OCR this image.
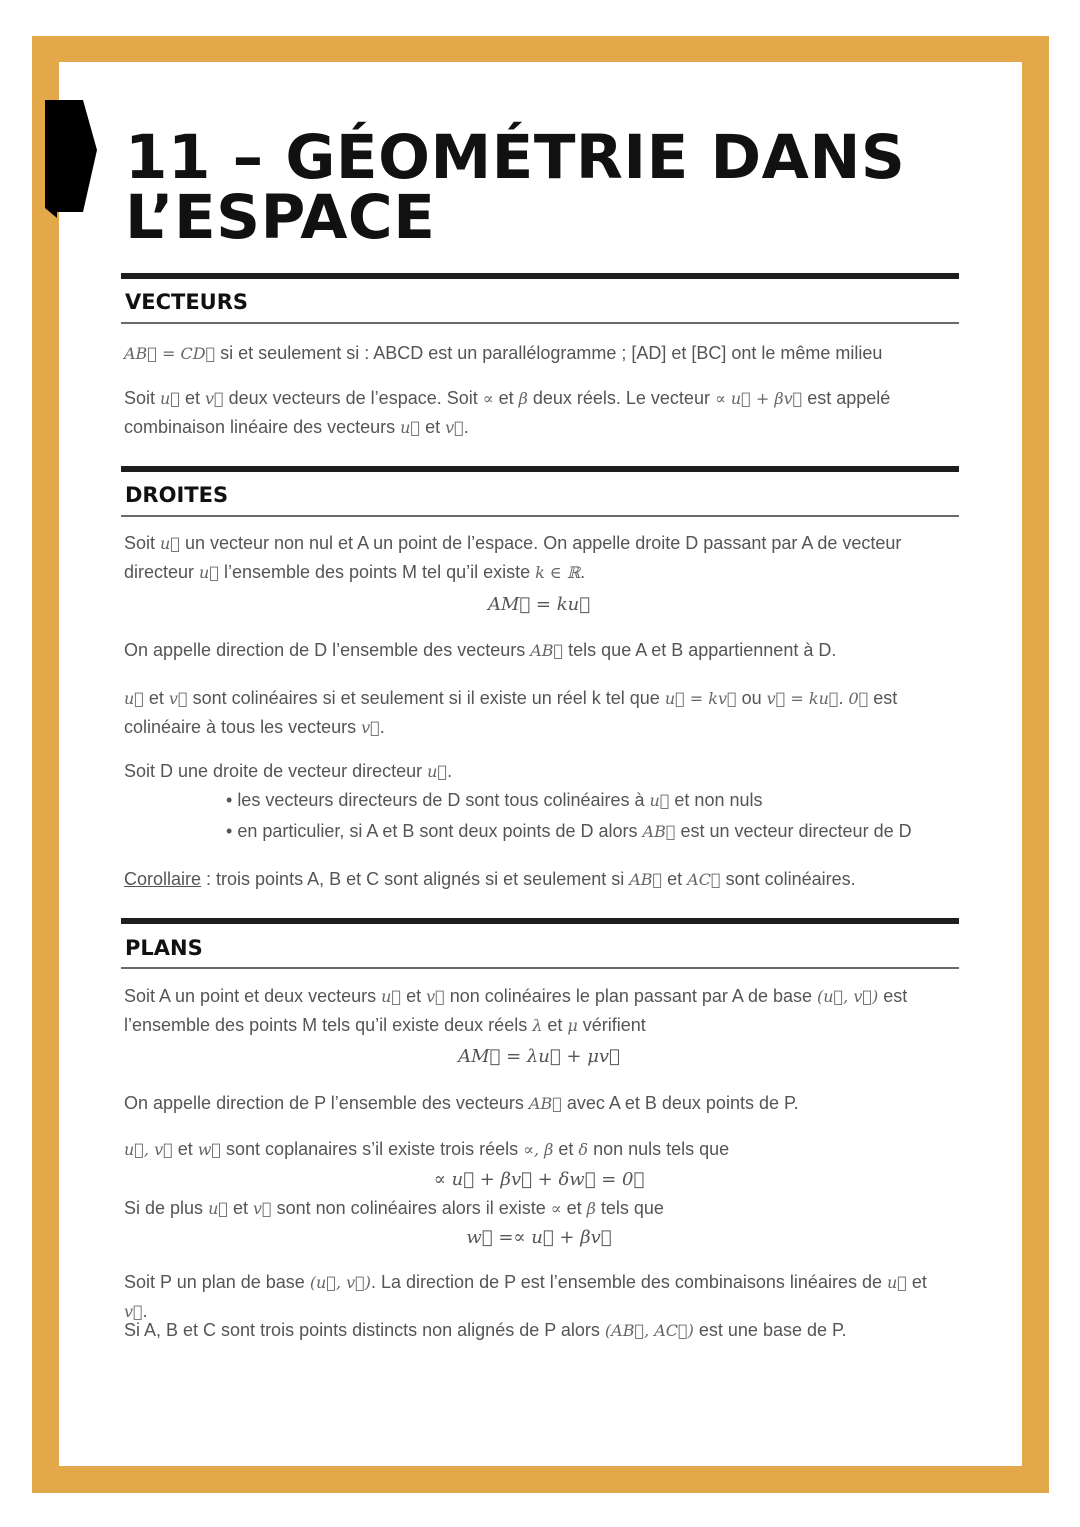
11 – GÉOMÉTRIE DANS
L’ESPACE
VECTEURS

AB⃗ = CD⃗ si et seulement si : ABCD est un parallélogramme ; [AD] et [BC] ont le même milieu

Soit u⃗ et v⃗ deux vecteurs de l’espace. Soit ∝ et β deux réels. Le vecteur ∝ u⃗ + βv⃗ est appelé combinaison linéaire des vecteurs u⃗ et v⃗.

DROITES

Soit u⃗ un vecteur non nul et A un point de l’espace. On appelle droite D passant par A de vecteur directeur u⃗ l’ensemble des points M tel qu’il existe k ∈ ℝ.

AM⃗ = ku⃗

On appelle direction de D l’ensemble des vecteurs AB⃗ tels que A et B appartiennent à D.

u⃗ et v⃗ sont colinéaires si et seulement si il existe un réel k tel que u⃗ = kv⃗ ou v⃗ = ku⃗. 0⃗ est colinéaire à tous les vecteurs v⃗.

Soit D une droite de vecteur directeur u⃗.

• les vecteurs directeurs de D sont tous colinéaires à u⃗ et non nuls

• en particulier, si A et B sont deux points de D alors AB⃗ est un vecteur directeur de D

Corollaire : trois points A, B et C sont alignés si et seulement si AB⃗ et AC⃗ sont colinéaires.

PLANS

Soit A un point et deux vecteurs u⃗ et v⃗ non colinéaires le plan passant par A de base (u⃗, v⃗) est l’ensemble des points M tels qu’il existe deux réels λ et μ vérifient

AM⃗ = λu⃗ + μv⃗

On appelle direction de P l’ensemble des vecteurs AB⃗ avec A et B deux points de P.

u⃗, v⃗ et w⃗ sont coplanaires s’il existe trois réels ∝, β et δ non nuls tels que

∝ u⃗ + βv⃗ + δw⃗ = 0⃗

Si de plus u⃗ et v⃗ sont non colinéaires alors il existe ∝ et β tels que

w⃗ =∝ u⃗ + βv⃗

Soit P un plan de base (u⃗, v⃗). La direction de P est l’ensemble des combinaisons linéaires de u⃗ et v⃗.

Si A, B et C sont trois points distincts non alignés de P alors (AB⃗, AC⃗) est une base de P.
